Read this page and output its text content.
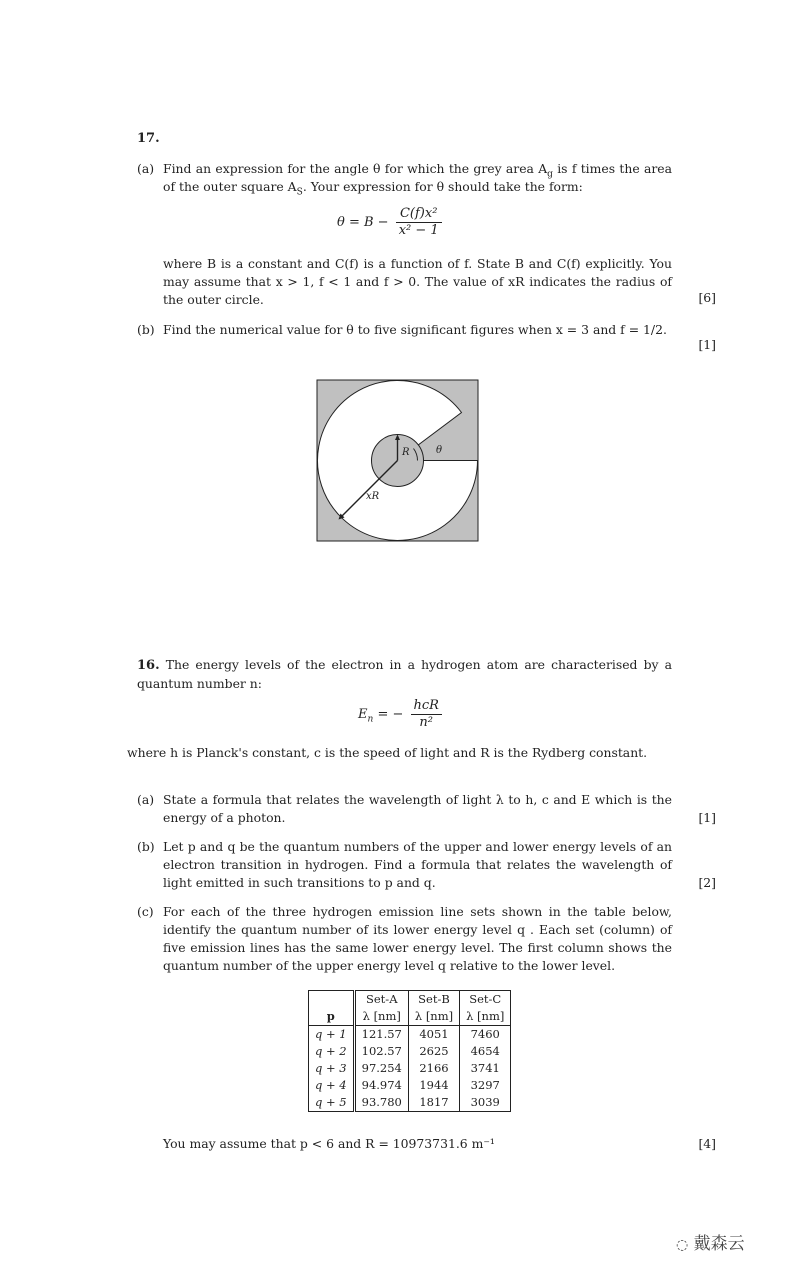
17.
(a) Find an expression for the angle θ for which the grey area $A_g$ is f times the area of the outer square $A_S$. Your expression for θ should take the form:
$\theta = B - \frac{\text{C(f)x²}}{\text{x² − 1}}$
where B is a constant and C(f) is a function of f. State B and C(f) explicitly. You may assume that x > 1, f < 1 and f > 0. The value of xR indicates the radius of the outer circle.	[6]
(b) Find the numerical value for θ to five significant figures when x = 3 and f = 1/2.
[1]
R	θ
xR
16. The energy levels of the electron in a hydrogen atom are characterised by a quantum number n:
$E_n$ = − $\frac{\text{hcR}}{\text{n²}}$
where h is Planck's constant, c is the speed of light and R is the Rydberg constant.
(a) State a formula that relates the wavelength of light λ to h, c and E which is the energy of a photon.	[1]
(b) Let p and q be the quantum numbers of the upper and lower energy levels of an electron transition in hydrogen. Find a formula that relates the wavelength of light emitted in such transitions to p and q.	[2]
(c) For each of the three hydrogen emission line sets shown in the table below, identify the quantum number of its lower energy level q . Each set (column) of five emission lines has the same lower energy level. The first column shows the quantum number of the upper energy level q relative to the lower level.
p	Set-A	Set-B	Set-C
	λ [nm]	λ [nm]	λ [nm]
q + 1	121.57	4051	7460
q + 2	102.57	2625	4654
q + 3	97.254	2166	3741
q + 4	94.974	1944	3297
q + 5	93.780	1817	3039
You may assume that p < 6 and R = 10973731.6 m⁻¹	[4]
◌ 戴森云
